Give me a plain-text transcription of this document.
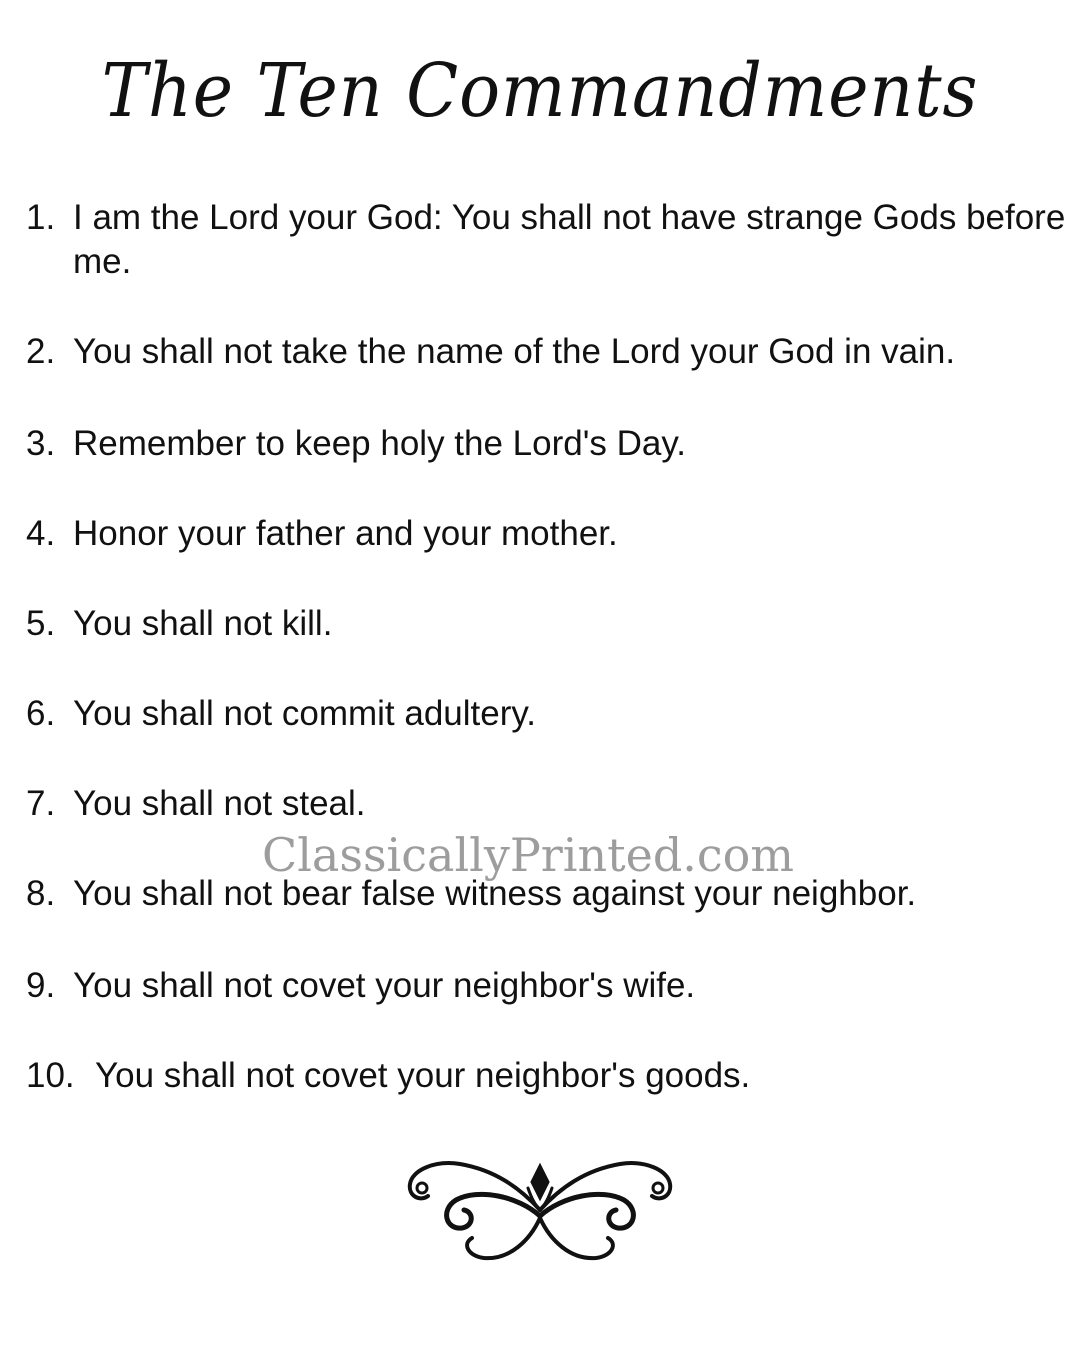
The Ten Commandments
1. I am the Lord your God: You shall not have strange Gods before me.
2. You shall not take the name of the Lord your God in vain.
3. Remember to keep holy the Lord's Day.
4. Honor your father and your mother.
5. You shall not kill.
6. You shall not commit adultery.
7. You shall not steal.
8. You shall not bear false witness against your neighbor.
9. You shall not covet your neighbor's wife.
10. You shall not covet your neighbor's goods.
ClassicallyPrinted.com
